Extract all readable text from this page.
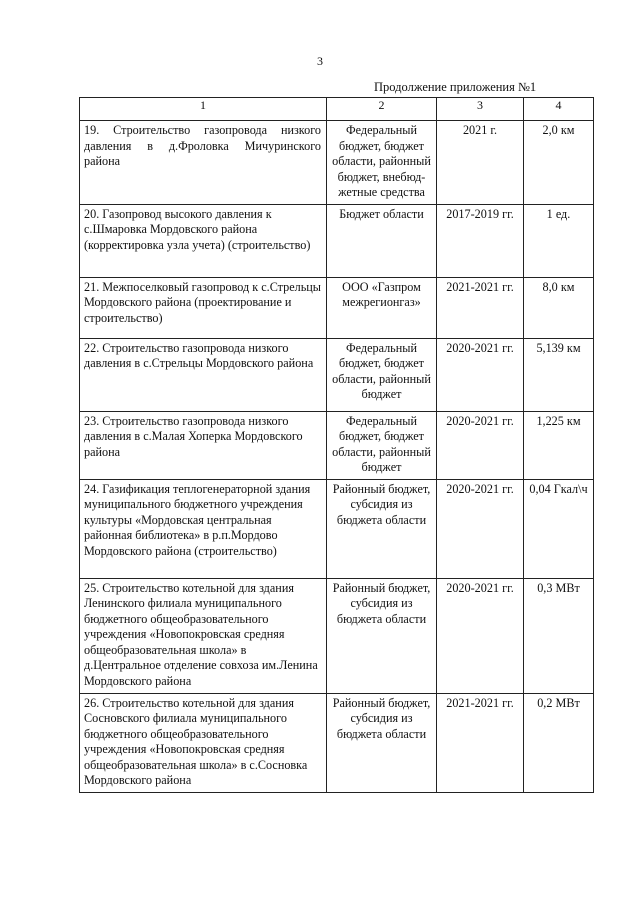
3
Продолжение приложения №1
1	2	3	4
19. Строительство газопровода низкого давления в д.Фроловка Мичуринского района	Федеральный бюджет, бюджет области, районный бюджет, внебюд-жетные средства	2021 г.	2,0 км
20. Газопровод высокого давления к с.Шмаровка Мордовского района (корректировка узла учета) (строительство)	Бюджет области	2017-2019 гг.	1 ед.
21. Межпоселковый газопровод к с.Стрельцы Мордовского района (проектирование и строительство)	ООО «Газпром межрегионгаз»	2021-2021 гг.	8,0 км
22. Строительство газопровода низкого давления в с.Стрельцы Мордовского района	Федеральный бюджет, бюджет области, районный бюджет	2020-2021 гг.	5,139 км
23. Строительство газопровода низкого давления в с.Малая Хоперка Мордовского района	Федеральный бюджет, бюджет области, районный бюджет	2020-2021 гг.	1,225 км
24. Газификация теплогенераторной здания муниципального бюджетного учреждения культуры «Мордовская центральная районная библиотека» в р.п.Мордово Мордовского района (строительство)	Районный бюджет, субсидия из бюджета области	2020-2021 гг.	0,04 Гкал\ч
25. Строительство котельной для здания Ленинского филиала муниципального бюджетного общеобразовательного учреждения «Новопокровская средняя общеобразовательная школа» в д.Центральное отделение совхоза им.Ленина Мордовского района	Районный бюджет, субсидия из бюджета области	2020-2021 гг.	0,3 МВт
26. Строительство котельной для здания Сосновского филиала муниципального бюджетного общеобразовательного учреждения «Новопокровская средняя общеобразовательная школа» в с.Сосновка Мордовского района	Районный бюджет, субсидия из бюджета области	2021-2021 гг.	0,2 МВт
